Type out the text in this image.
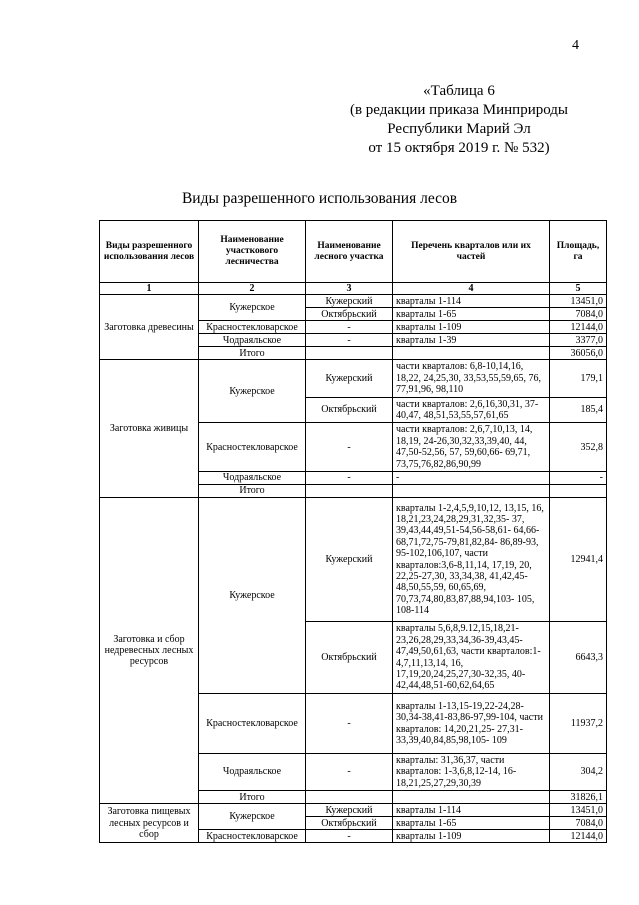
4
«Таблица 6
(в редакции приказа Минприроды
Республики Марий Эл
от 15 октября 2019 г. № 532)
Виды разрешенного использования лесов
Виды разрешенного использования лесов	Наименование участкового лесничества	Наименование лесного участка	Перечень кварталов или их частей	Площадь, га
1	2	3	4	5
Заготовка древесины	Кужерское	Кужерский	кварталы 1-114	13451,0
		Октябрьский	кварталы 1-65	7084,0
	Красностекловарское	-	кварталы 1-109	12144,0
	Чодраяльское	-	кварталы 1-39	3377,0
	Итого			36056,0
Заготовка живицы	Кужерское	Кужерский	части кварталов: 6,8-10,14,16, 18,22, 24,25,30, 33,53,55,59,65, 76, 77,91,96, 98,110	179,1
		Октябрьский	части кварталов: 2,6,16,30,31, 37-40,47, 48,51,53,55,57,61,65	185,4
	Красностекловарское	-	части кварталов: 2,6,7,10,13, 14, 18,19, 24-26,30,32,33,39,40, 44, 47,50-52,56, 57, 59,60,66- 69,71, 73,75,76,82,86,90,99	352,8
	Чодраяльское	-	-	-
	Итого			
Заготовка и сбор недревесных лесных ресурсов	Кужерское	Кужерский	кварталы 1-2,4,5,9,10,12, 13,15, 16, 18,21,23,24,28,29,31,32,35- 37, 39,43,44,49,51-54,56-58,61- 64,66-68,71,72,75-79,81,82,84- 86,89-93, 95-102,106,107, части кварталов:3,6-8,11,14, 17,19, 20, 22,25-27,30, 33,34,38, 41,42,45-48,50,55,59, 60,65,69, 70,73,74,80,83,87,88,94,103- 105, 108-114	12941,4
		Октябрьский	кварталы 5,6,8,9.12,15,18,21- 23,26,28,29,33,34,36-39,43,45- 47,49,50,61,63, части кварталов:1-4,7,11,13,14, 16, 17,19,20,24,25,27,30-32,35, 40-42,44,48,51-60,62,64,65	6643,3
	Красностекловарское	-	кварталы 1-13,15-19,22-24,28- 30,34-38,41-83,86-97,99-104, части кварталов: 14,20,21,25- 27,31-33,39,40,84,85,98,105- 109	11937,2
	Чодраяльское	-	кварталы: 31,36,37, части кварталов: 1-3,6,8,12-14, 16-18,21,25,27,29,30,39	304,2
	Итого			31826,1
Заготовка пищевых лесных ресурсов и сбор	Кужерское	Кужерский	кварталы 1-114	13451,0
		Октябрьский	кварталы 1-65	7084,0
	Красностекловарское	-	кварталы 1-109	12144,0
